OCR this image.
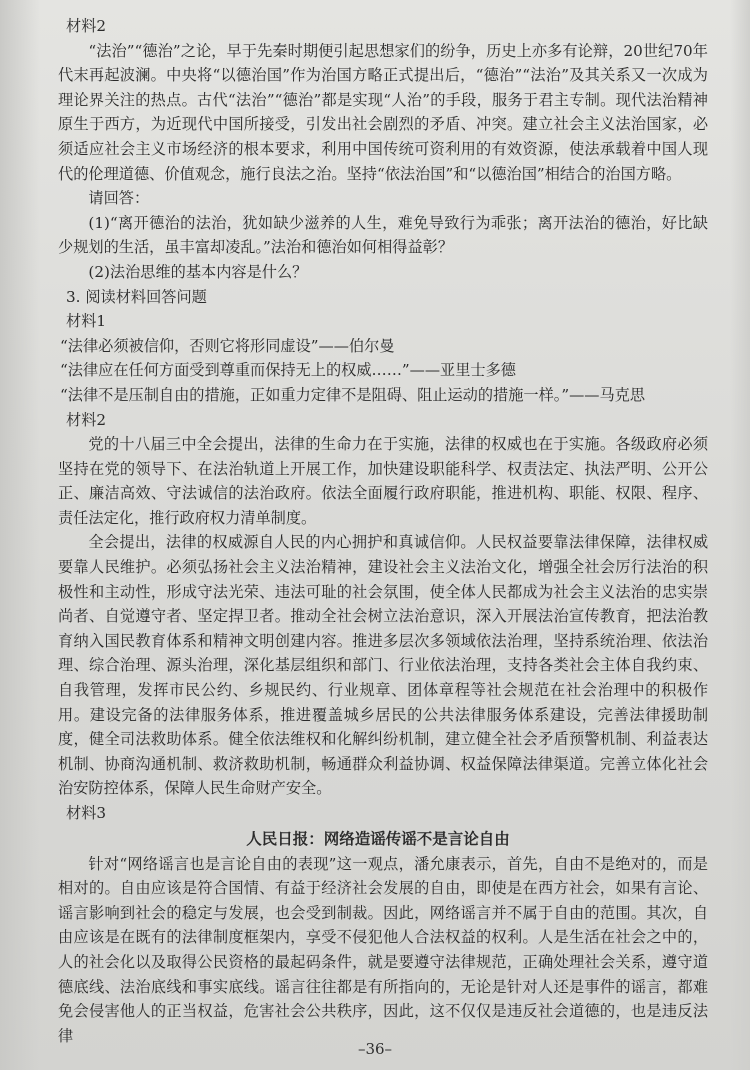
材料2

“法治”“德治”之论，早于先秦时期便引起思想家们的纷争，历史上亦多有论辩，20世纪70年代末再起波澜。中央将“以德治国”作为治国方略正式提出后，“德治”“法治”及其关系又一次成为理论界关注的热点。古代“法治”“德治”都是实现“人治”的手段，服务于君主专制。现代法治精神原生于西方，为近现代中国所接受，引发出社会剧烈的矛盾、冲突。建立社会主义法治国家，必须适应社会主义市场经济的根本要求，利用中国传统可资利用的有效资源，使法承载着中国人现代的伦理道德、价值观念，施行良法之治。坚持“依法治国”和“以德治国”相结合的治国方略。

请回答：

(1)“离开德治的法治，犹如缺少滋养的人生，难免导致行为乖张；离开法治的德治，好比缺少规划的生活，虽丰富却凌乱。”法治和德治如何相得益彰？

(2)法治思维的基本内容是什么？

3. 阅读材料回答问题

材料1

“法律必须被信仰，否则它将形同虚设”——伯尔曼

“法律应在任何方面受到尊重而保持无上的权威……”——亚里士多德

“法律不是压制自由的措施，正如重力定律不是阻碍、阻止运动的措施一样。”——马克思

材料2

党的十八届三中全会提出，法律的生命力在于实施，法律的权威也在于实施。各级政府必须坚持在党的领导下、在法治轨道上开展工作，加快建设职能科学、权责法定、执法严明、公开公正、廉洁高效、守法诚信的法治政府。依法全面履行政府职能，推进机构、职能、权限、程序、责任法定化，推行政府权力清单制度。

全会提出，法律的权威源自人民的内心拥护和真诚信仰。人民权益要靠法律保障，法律权威要靠人民维护。必须弘扬社会主义法治精神，建设社会主义法治文化，增强全社会厉行法治的积极性和主动性，形成守法光荣、违法可耻的社会氛围，使全体人民都成为社会主义法治的忠实崇尚者、自觉遵守者、坚定捍卫者。推动全社会树立法治意识，深入开展法治宣传教育，把法治教育纳入国民教育体系和精神文明创建内容。推进多层次多领域依法治理，坚持系统治理、依法治理、综合治理、源头治理，深化基层组织和部门、行业依法治理，支持各类社会主体自我约束、自我管理，发挥市民公约、乡规民约、行业规章、团体章程等社会规范在社会治理中的积极作用。建设完备的法律服务体系，推进覆盖城乡居民的公共法律服务体系建设，完善法律援助制度，健全司法救助体系。健全依法维权和化解纠纷机制，建立健全社会矛盾预警机制、利益表达机制、协商沟通机制、救济救助机制，畅通群众利益协调、权益保障法律渠道。完善立体化社会治安防控体系，保障人民生命财产安全。

材料3

人民日报：网络造谣传谣不是言论自由

针对“网络谣言也是言论自由的表现”这一观点，潘允康表示，首先，自由不是绝对的，而是相对的。自由应该是符合国情、有益于经济社会发展的自由，即使是在西方社会，如果有言论、谣言影响到社会的稳定与发展，也会受到制裁。因此，网络谣言并不属于自由的范围。其次，自由应该是在既有的法律制度框架内，享受不侵犯他人合法权益的权利。人是生活在社会之中的，人的社会化以及取得公民资格的最起码条件，就是要遵守法律规范，正确处理社会关系，遵守道德底线、法治底线和事实底线。谣言往往都是有所指向的，无论是针对人还是事件的谣言，都难免会侵害他人的正当权益，危害社会公共秩序，因此，这不仅仅是违反社会道德的，也是违反法律

–36–
